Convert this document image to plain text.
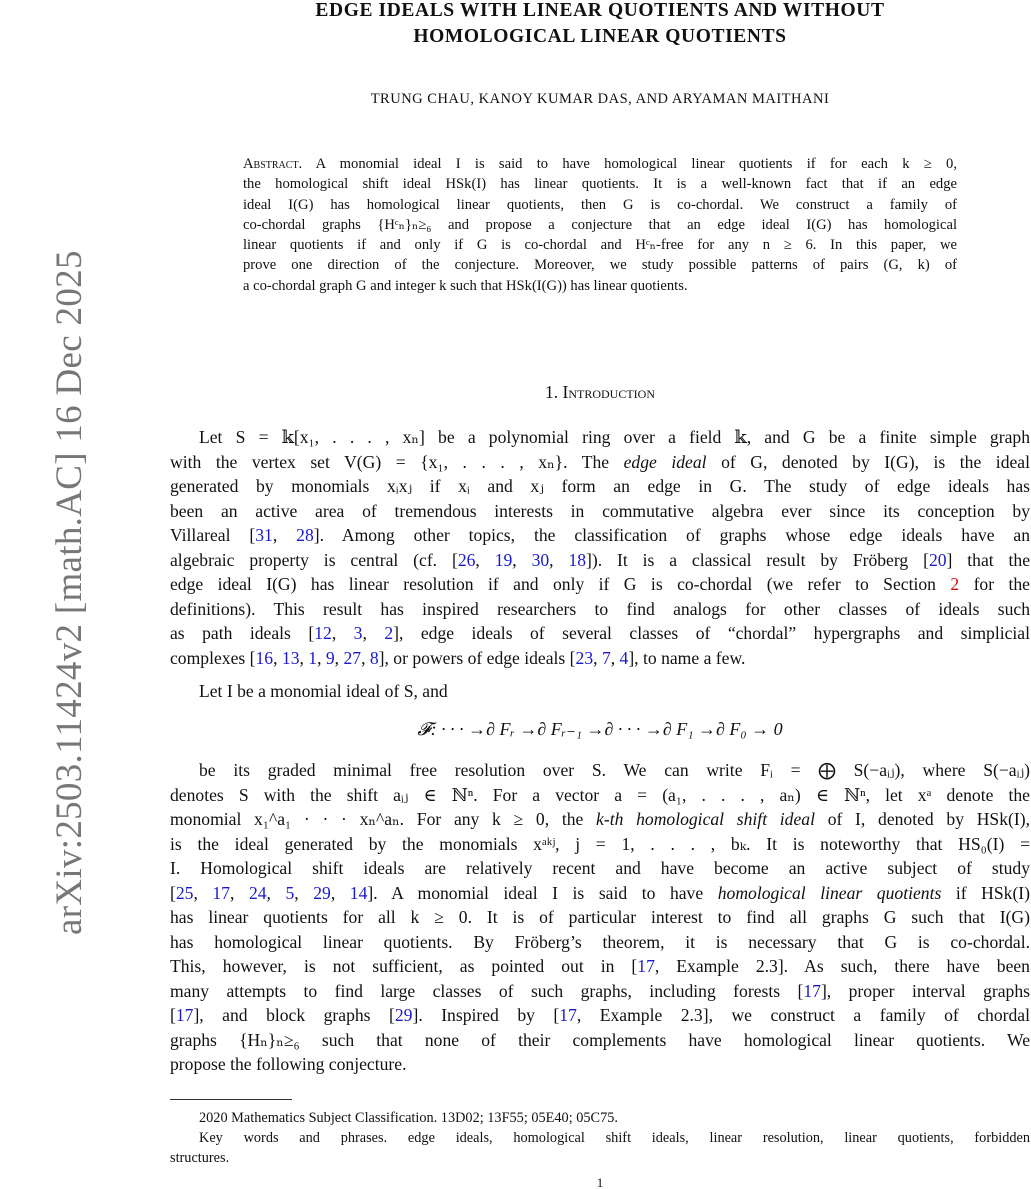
arXiv:2503.11424v2 [math.AC] 16 Dec 2025
EDGE IDEALS WITH LINEAR QUOTIENTS AND WITHOUT
HOMOLOGICAL LINEAR QUOTIENTS
TRUNG CHAU, KANOY KUMAR DAS, AND ARYAMAN MAITHANI
Abstract. A monomial ideal I is said to have homological linear quotients if for each k ≥ 0,
the homological shift ideal HSk(I) has linear quotients. It is a well-known fact that if an edge
ideal I(G) has homological linear quotients, then G is co-chordal. We construct a family of
co-chordal graphs {Hᶜₙ}ₙ≥₆ and propose a conjecture that an edge ideal I(G) has homological
linear quotients if and only if G is co-chordal and Hᶜₙ-free for any n ≥ 6. In this paper, we
prove one direction of the conjecture. Moreover, we study possible patterns of pairs (G, k) of
a co-chordal graph G and integer k such that HSk(I(G)) has linear quotients.
1. Introduction
Let S = 𝕜[x₁, . . . , xₙ] be a polynomial ring over a field 𝕜, and G be a finite simple graph
with the vertex set V(G) = {x₁, . . . , xₙ}. The edge ideal of G, denoted by I(G), is the ideal
generated by monomials xᵢxⱼ if xᵢ and xⱼ form an edge in G. The study of edge ideals has
been an active area of tremendous interests in commutative algebra ever since its conception by
Villareal [31, 28]. Among other topics, the classification of graphs whose edge ideals have an
algebraic property is central (cf. [26, 19, 30, 18]). It is a classical result by Fröberg [20] that the
edge ideal I(G) has linear resolution if and only if G is co-chordal (we refer to Section 2 for the
definitions). This result has inspired researchers to find analogs for other classes of ideals such
as path ideals [12, 3, 2], edge ideals of several classes of “chordal” hypergraphs and simplicial
complexes [16, 13, 1, 9, 27, 8], or powers of edge ideals [23, 7, 4], to name a few.
Let I be a monomial ideal of S, and
𝓕: · · · →∂ Fᵣ →∂ Fᵣ₋₁ →∂ · · · →∂ F₁ →∂ F₀ → 0
be its graded minimal free resolution over S. We can write Fᵢ = ⨁ S(−aᵢⱼ), where S(−aᵢⱼ)
denotes S with the shift aᵢⱼ ∈ ℕⁿ. For a vector a = (a₁, . . . , aₙ) ∈ ℕⁿ, let xᵃ denote the
monomial x₁^a₁ · · · xₙ^aₙ. For any k ≥ 0, the k-th homological shift ideal of I, denoted by HSk(I),
is the ideal generated by the monomials xᵃᵏʲ, j = 1, . . . , bₖ. It is noteworthy that HS₀(I) =
I. Homological shift ideals are relatively recent and have become an active subject of study
[25, 17, 24, 5, 29, 14]. A monomial ideal I is said to have homological linear quotients if HSk(I)
has linear quotients for all k ≥ 0. It is of particular interest to find all graphs G such that I(G)
has homological linear quotients. By Fröberg’s theorem, it is necessary that G is co-chordal.
This, however, is not sufficient, as pointed out in [17, Example 2.3]. As such, there have been
many attempts to find large classes of such graphs, including forests [17], proper interval graphs
[17], and block graphs [29]. Inspired by [17, Example 2.3], we construct a family of chordal
graphs {Hₙ}ₙ≥₆ such that none of their complements have homological linear quotients. We
propose the following conjecture.
2020 Mathematics Subject Classification. 13D02; 13F55; 05E40; 05C75.
Key words and phrases. edge ideals, homological shift ideals, linear resolution, linear quotients, forbidden
structures.
1
